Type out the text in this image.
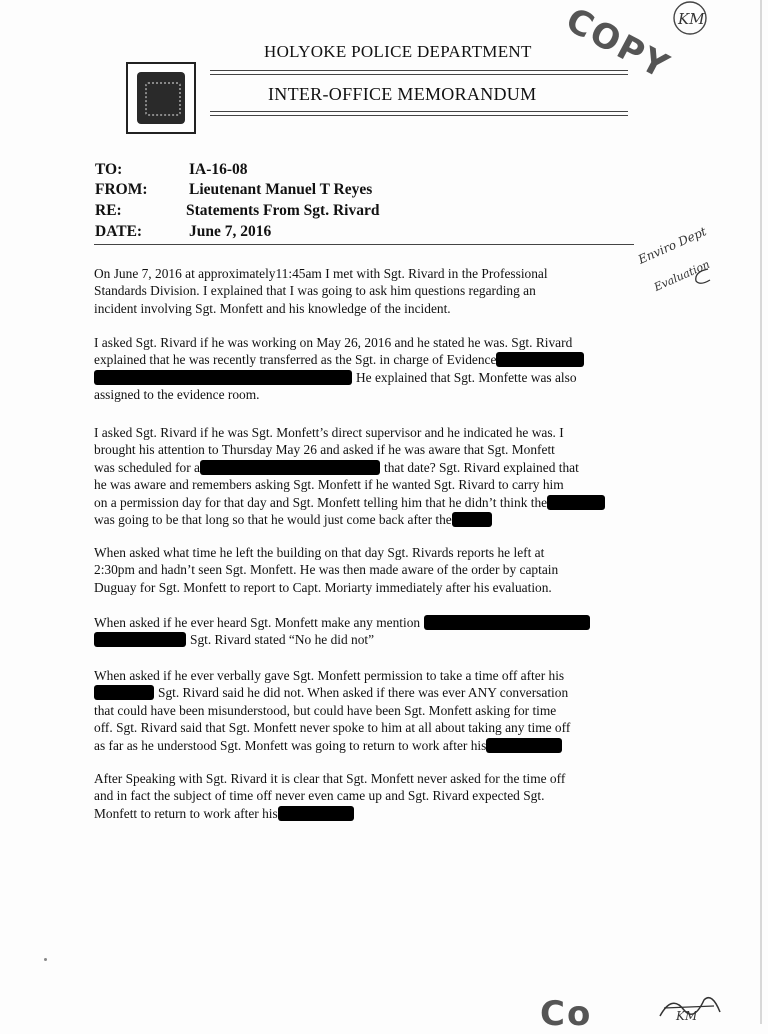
HOLYOKE POLICE DEPARTMENT
INTER-OFFICE MEMORANDUM
TO:	IA-16-08
FROM:	Lieutenant Manuel T Reyes
RE:	Statements From Sgt. Rivard
DATE:	June 7, 2016
On June 7, 2016 at approximately11:45am I met with Sgt. Rivard in the Professional
Standards Division. I explained that I was going to ask him questions regarding an
incident involving Sgt. Monfett and his knowledge of the incident.
I asked Sgt. Rivard if he was working on May 26, 2016 and he stated he was. Sgt. Rivard
explained that he was recently transferred as the Sgt. in charge of Evidence
He explained that Sgt. Monfette was also
assigned to the evidence room.
I asked Sgt. Rivard if he was Sgt. Monfett’s direct supervisor and he indicated he was. I
brought his attention to Thursday May 26 and asked if he was aware that Sgt. Monfett
was scheduled for a	that date? Sgt. Rivard explained that
he was aware and remembers asking Sgt. Monfett if he wanted Sgt. Rivard to carry him
on a permission day for that day and Sgt. Monfett telling him that he didn’t think the
was going to be that long so that he would just come back after the
When asked what time he left the building on that day Sgt. Rivards reports he left at
2:30pm and hadn’t seen Sgt. Monfett. He was then made aware of the order by captain
Duguay for Sgt. Monfett to report to Capt. Moriarty immediately after his evaluation.
When asked if he ever heard Sgt. Monfett make any mention
Sgt. Rivard stated “No he did not”
When asked if he ever verbally gave Sgt. Monfett permission to take a time off after his
Sgt. Rivard said he did not. When asked if there was ever ANY conversation
that could have been misunderstood, but could have been Sgt. Monfett asking for time
off. Sgt. Rivard said that Sgt. Monfett never spoke to him at all about taking any time off
as far as he understood Sgt. Monfett was going to return to work after his
After Speaking with Sgt. Rivard it is clear that Sgt. Monfett never asked for the time off
and in fact the subject of time off never even came up and Sgt. Rivard expected Sgt.
Monfett to return to work after his
COPY KM
Enviro Dept
Evaluation
Co	KM
